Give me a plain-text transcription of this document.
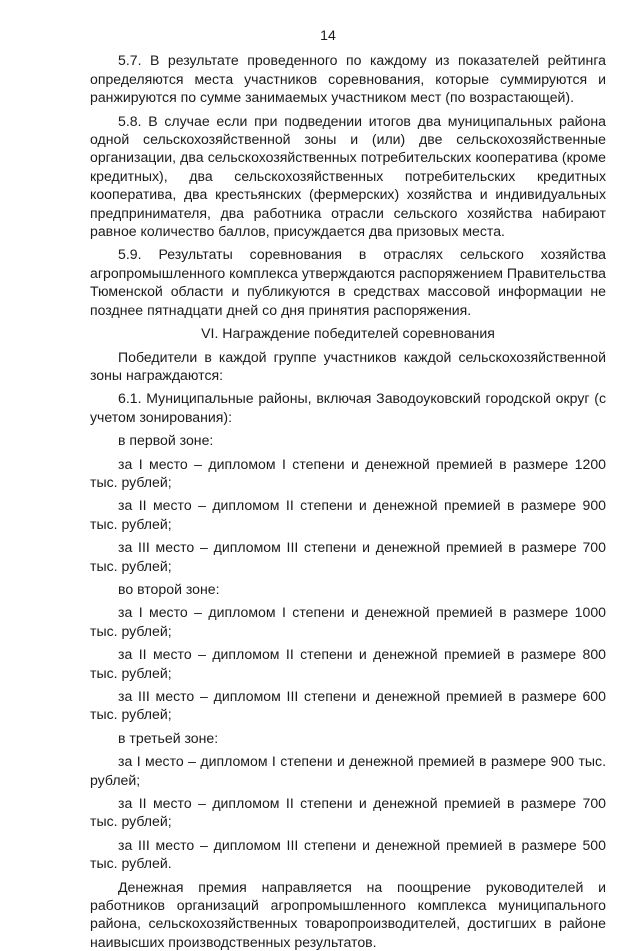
14

5.7. В результате проведенного по каждому из показателей рейтинга определяются места участников соревнования, которые суммируются и ранжируются по сумме занимаемых участником мест (по возрастающей).

5.8. В случае если при подведении итогов два муниципальных района одной сельскохозяйственной зоны и (или) две сельскохозяйственные организации, два сельскохозяйственных потребительских кооператива (кроме кредитных), два сельскохозяйственных потребительских кредитных кооператива, два крестьянских (фермерских) хозяйства и индивидуальных предпринимателя, два работника отрасли сельского хозяйства набирают равное количество баллов, присуждается два призовых места.

5.9. Результаты соревнования в отраслях сельского хозяйства агропромышленного комплекса утверждаются распоряжением Правительства Тюменской области и публикуются в средствах массовой информации не позднее пятнадцати дней со дня принятия распоряжения.

VI. Награждение победителей соревнования

Победители в каждой группе участников каждой сельскохозяйственной зоны награждаются:

6.1. Муниципальные районы, включая Заводоуковский городской округ (с учетом зонирования):

в первой зоне:

за I место – дипломом I степени и денежной премией в размере 1200 тыс. рублей;

за II место – дипломом II степени и денежной премией в размере 900 тыс. рублей;

за III место – дипломом III степени и денежной премией в размере 700 тыс. рублей;

во второй зоне:

за I место – дипломом I степени и денежной премией в размере 1000 тыс. рублей;

за II место – дипломом II степени и денежной премией в размере 800 тыс. рублей;

за III место – дипломом III степени и денежной премией в размере 600 тыс. рублей;

в третьей зоне:

за I место – дипломом I степени и денежной премией в размере 900 тыс. рублей;

за II место – дипломом II степени и денежной премией в размере 700 тыс. рублей;

за III место – дипломом III степени и денежной премией в размере 500 тыс. рублей.

Денежная премия направляется на поощрение руководителей и работников организаций агропромышленного комплекса муниципального района, сельскохозяйственных товаропроизводителей, достигших в районе наивысших производственных результатов.
